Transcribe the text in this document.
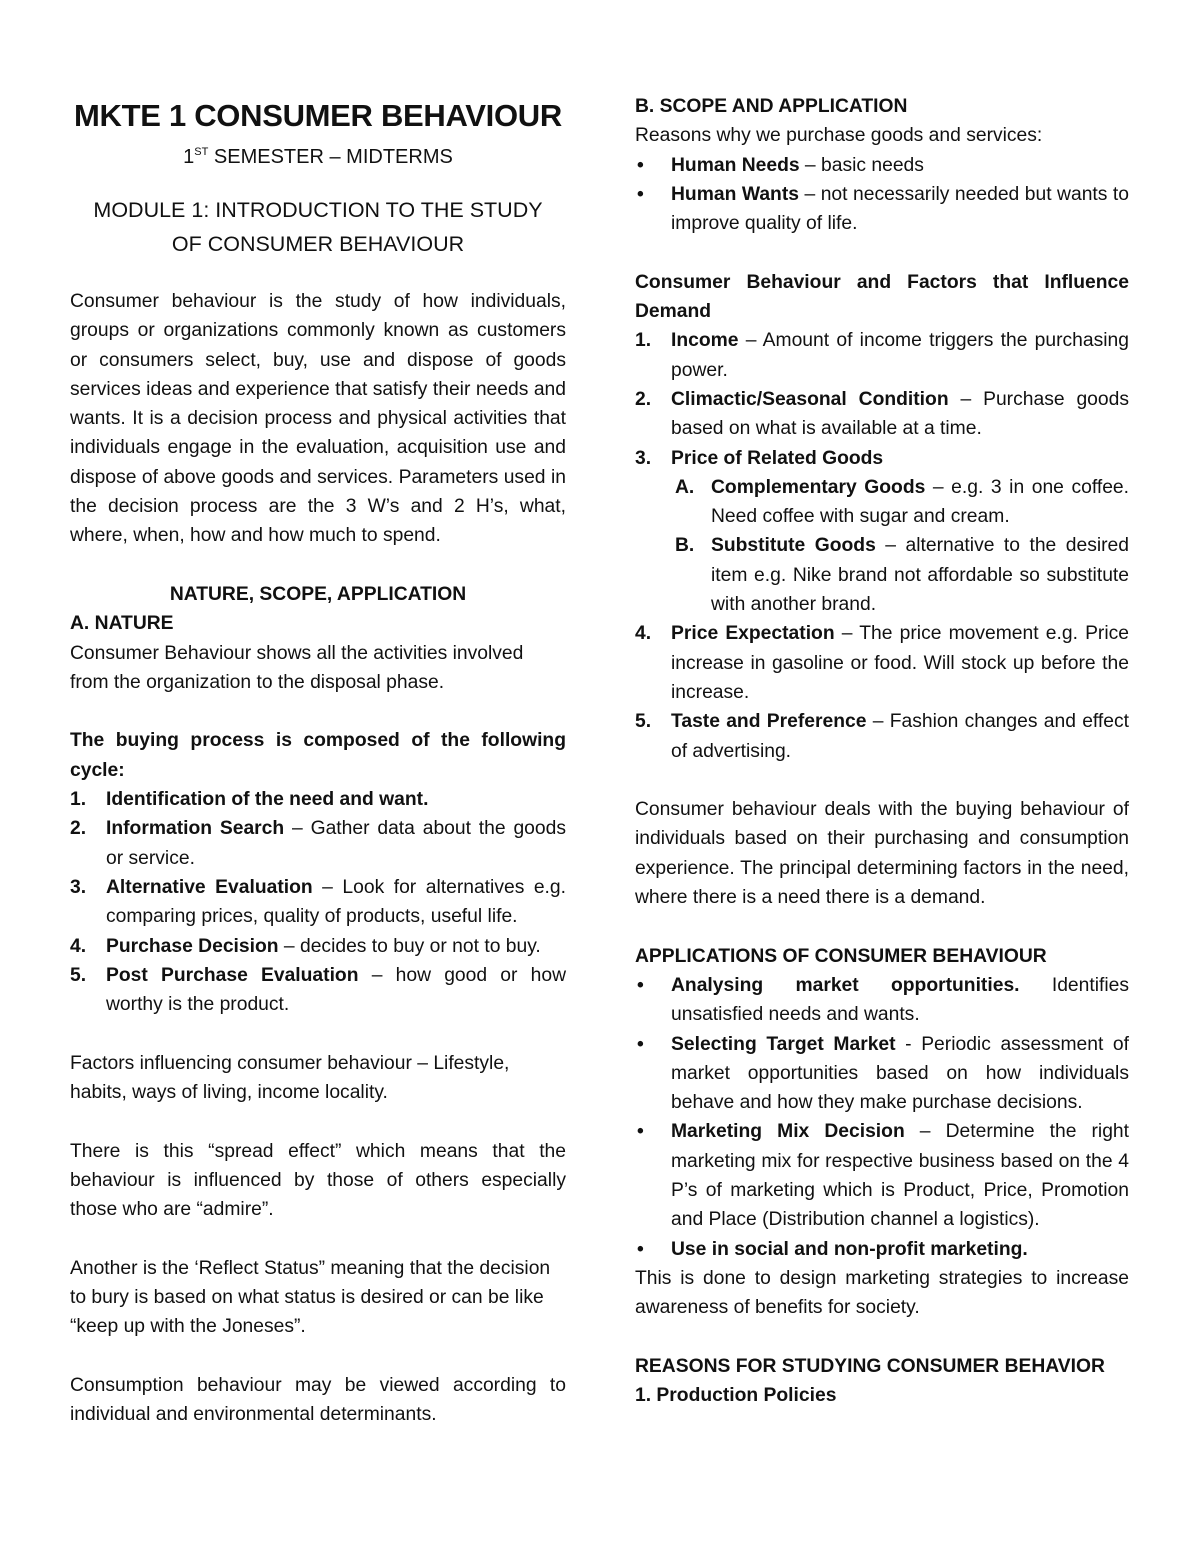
MKTE 1 CONSUMER BEHAVIOUR
1ST SEMESTER – MIDTERMS
MODULE 1: INTRODUCTION TO THE STUDY
OF CONSUMER BEHAVIOUR

Consumer behaviour is the study of how individuals, groups or organizations commonly known as customers or consumers select, buy, use and dispose of goods services ideas and experience that satisfy their needs and wants. It is a decision process and physical activities that individuals engage in the evaluation, acquisition use and dispose of above goods and services. Parameters used in the decision process are the 3 W’s and 2 H’s, what, where, when, how and how much to spend.

NATURE, SCOPE, APPLICATION

A. NATURE

Consumer Behaviour shows all the activities involved from the organization to the disposal phase.

The buying process is composed of the following cycle:

1. Identification of the need and want.
2. Information Search – Gather data about the goods or service.
3. Alternative Evaluation – Look for alternatives e.g. comparing prices, quality of products, useful life.
4. Purchase Decision – decides to buy or not to buy.
5. Post Purchase Evaluation – how good or how worthy is the product.

Factors influencing consumer behaviour – Lifestyle, habits, ways of living, income locality.

There is this “spread effect” which means that the behaviour is influenced by those of others especially those who are “admire”.

Another is the ‘Reflect Status” meaning that the decision to bury is based on what status is desired or can be like “keep up with the Joneses”.

Consumption behaviour may be viewed according to individual and environmental determinants.

B. SCOPE AND APPLICATION

Reasons why we purchase goods and services:

• Human Needs – basic needs
• Human Wants – not necessarily needed but wants to improve quality of life.

Consumer Behaviour and Factors that Influence Demand

1. Income – Amount of income triggers the purchasing power.
2. Climactic/Seasonal Condition – Purchase goods based on what is available at a time.
3. Price of Related Goods
A. Complementary Goods – e.g. 3 in one coffee. Need coffee with sugar and cream.
B. Substitute Goods – alternative to the desired item e.g. Nike brand not affordable so substitute with another brand.
4. Price Expectation – The price movement e.g. Price increase in gasoline or food. Will stock up before the increase.
5. Taste and Preference – Fashion changes and effect of advertising.

Consumer behaviour deals with the buying behaviour of individuals based on their purchasing and consumption experience. The principal determining factors in the need, where there is a need there is a demand.

APPLICATIONS OF CONSUMER BEHAVIOUR

• Analysing market opportunities. Identifies unsatisfied needs and wants.
• Selecting Target Market - Periodic assessment of market opportunities based on how individuals behave and how they make purchase decisions.
• Marketing Mix Decision – Determine the right marketing mix for respective business based on the 4 P’s of marketing which is Product, Price, Promotion and Place (Distribution channel a logistics).
• Use in social and non-profit marketing.

This is done to design marketing strategies to increase awareness of benefits for society.

REASONS FOR STUDYING CONSUMER BEHAVIOR

1. Production Policies
